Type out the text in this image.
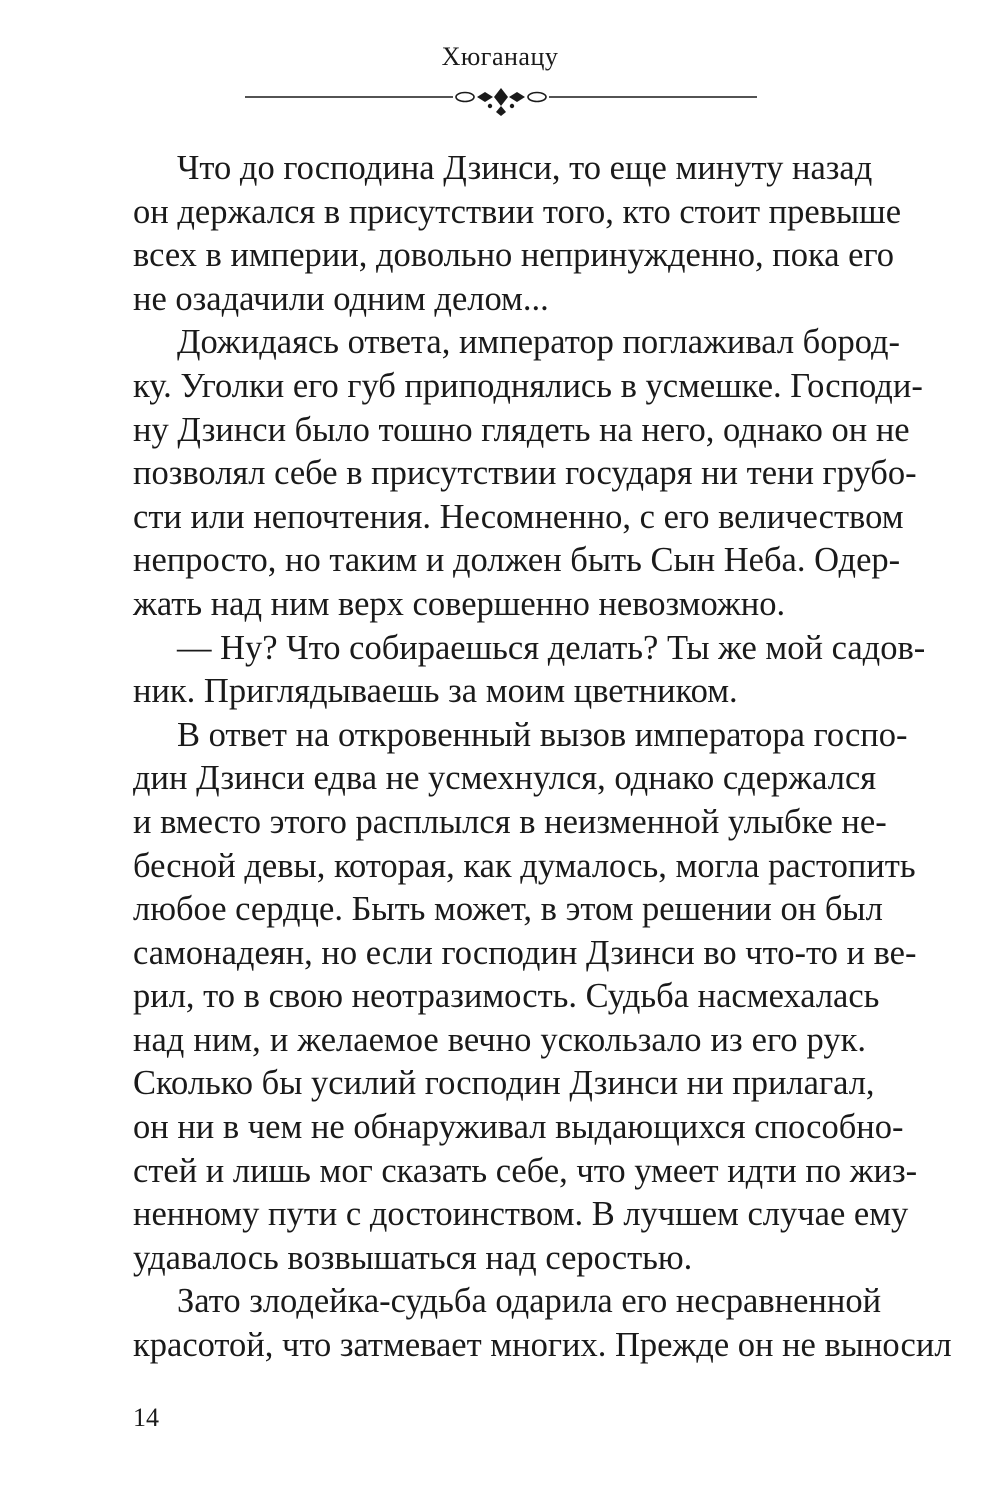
Хюганацу
Что до господина Дзинси, то еще минуту назад
он держался в присутствии того, кто стоит превыше
всех в империи, довольно непринужденно, пока его
не озадачили одним делом...
Дожидаясь ответа, император поглаживал бород-
ку. Уголки его губ приподнялись в усмешке. Господи-
ну Дзинси было тошно глядеть на него, однако он не
позволял себе в присутствии государя ни тени грубо-
сти или непочтения. Несомненно, с его величеством
непросто, но таким и должен быть Сын Неба. Одер-
жать над ним верх совершенно невозможно.
— Ну? Что собираешься делать? Ты же мой садов-
ник. Приглядываешь за моим цветником.
В ответ на откровенный вызов императора госпо-
дин Дзинси едва не усмехнулся, однако сдержался
и вместо этого расплылся в неизменной улыбке не-
бесной девы, которая, как думалось, могла растопить
любое сердце. Быть может, в этом решении он был
самонадеян, но если господин Дзинси во что-то и ве-
рил, то в свою неотразимость. Судьба насмехалась
над ним, и желаемое вечно ускользало из его рук.
Сколько бы усилий господин Дзинси ни прилагал,
он ни в чем не обнаруживал выдающихся способно-
стей и лишь мог сказать себе, что умеет идти по жиз-
ненному пути с достоинством. В лучшем случае ему
удавалось возвышаться над серостью.
Зато злодейка-судьба одарила его несравненной
красотой, что затмевает многих. Прежде он не выносил
14
